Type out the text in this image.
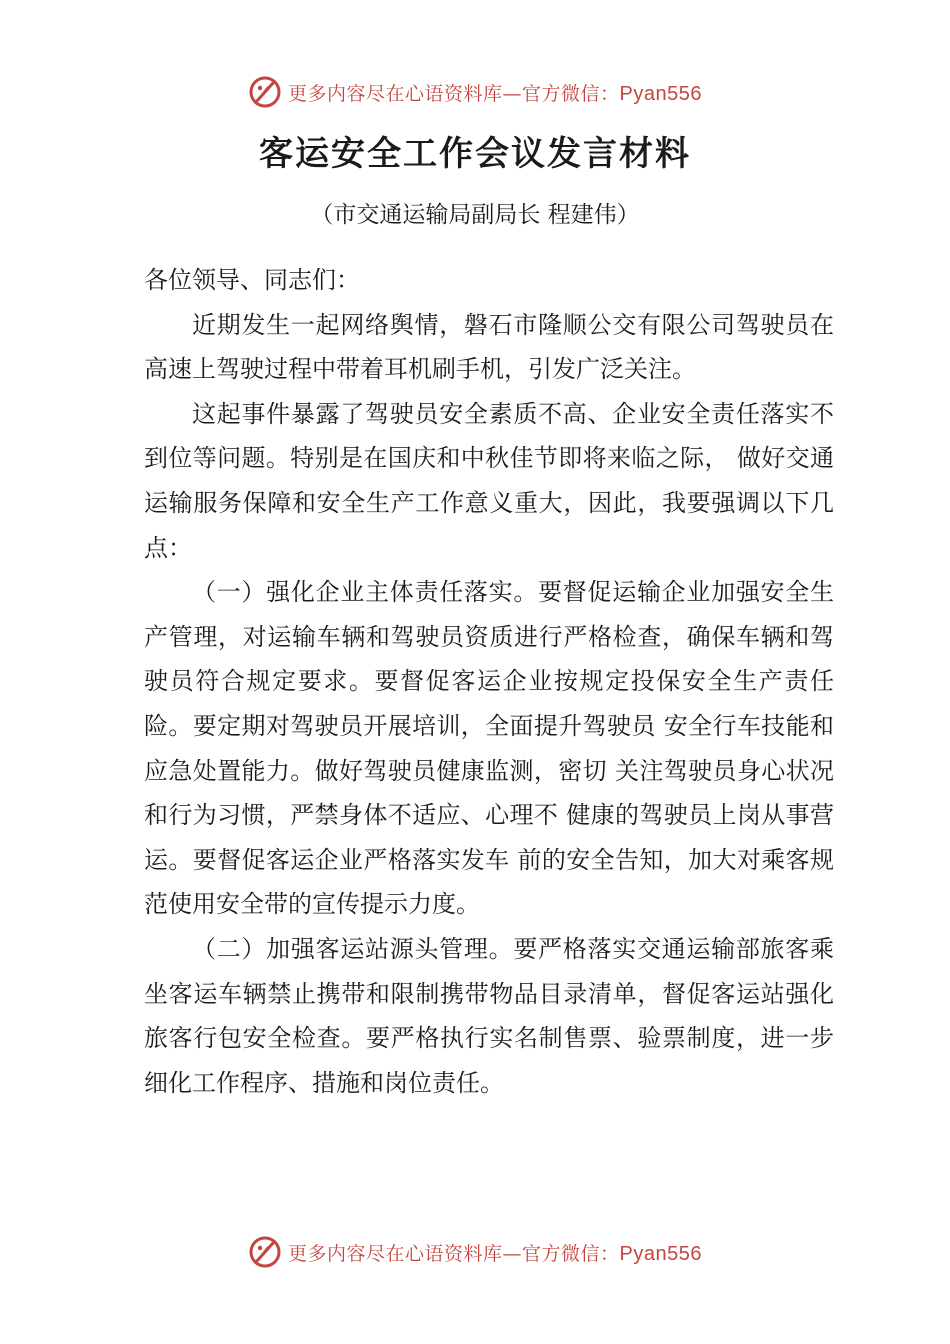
更多内容尽在心语资料库—官方微信：Pyan556
客运安全工作会议发言材料

（市交通运输局副局长 程建伟）

各位领导、同志们：

近期发生一起网络舆情，磐石市隆顺公交有限公司驾驶员在高速上驾驶过程中带着耳机刷手机，引发广泛关注。

这起事件暴露了驾驶员安全素质不高、企业安全责任落实不到位等问题。特别是在国庆和中秋佳节即将来临之际， 做好交通运输服务保障和安全生产工作意义重大，因此，我要强调以下几点：

（一）强化企业主体责任落实。要督促运输企业加强安全生产管理，对运输车辆和驾驶员资质进行严格检查，确保车辆和驾驶员符合规定要求。要督促客运企业按规定投保安全生产责任险。要定期对驾驶员开展培训，全面提升驾驶员 安全行车技能和应急处置能力。做好驾驶员健康监测，密切 关注驾驶员身心状况和行为习惯，严禁身体不适应、心理不 健康的驾驶员上岗从事营运。要督促客运企业严格落实发车 前的安全告知，加大对乘客规范使用安全带的宣传提示力度。

（二）加强客运站源头管理。要严格落实交通运输部旅客乘坐客运车辆禁止携带和限制携带物品目录清单，督促客运站强化旅客行包安全检查。要严格执行实名制售票、验票制度，进一步细化工作程序、措施和岗位责任。

更多内容尽在心语资料库—官方微信：Pyan556
